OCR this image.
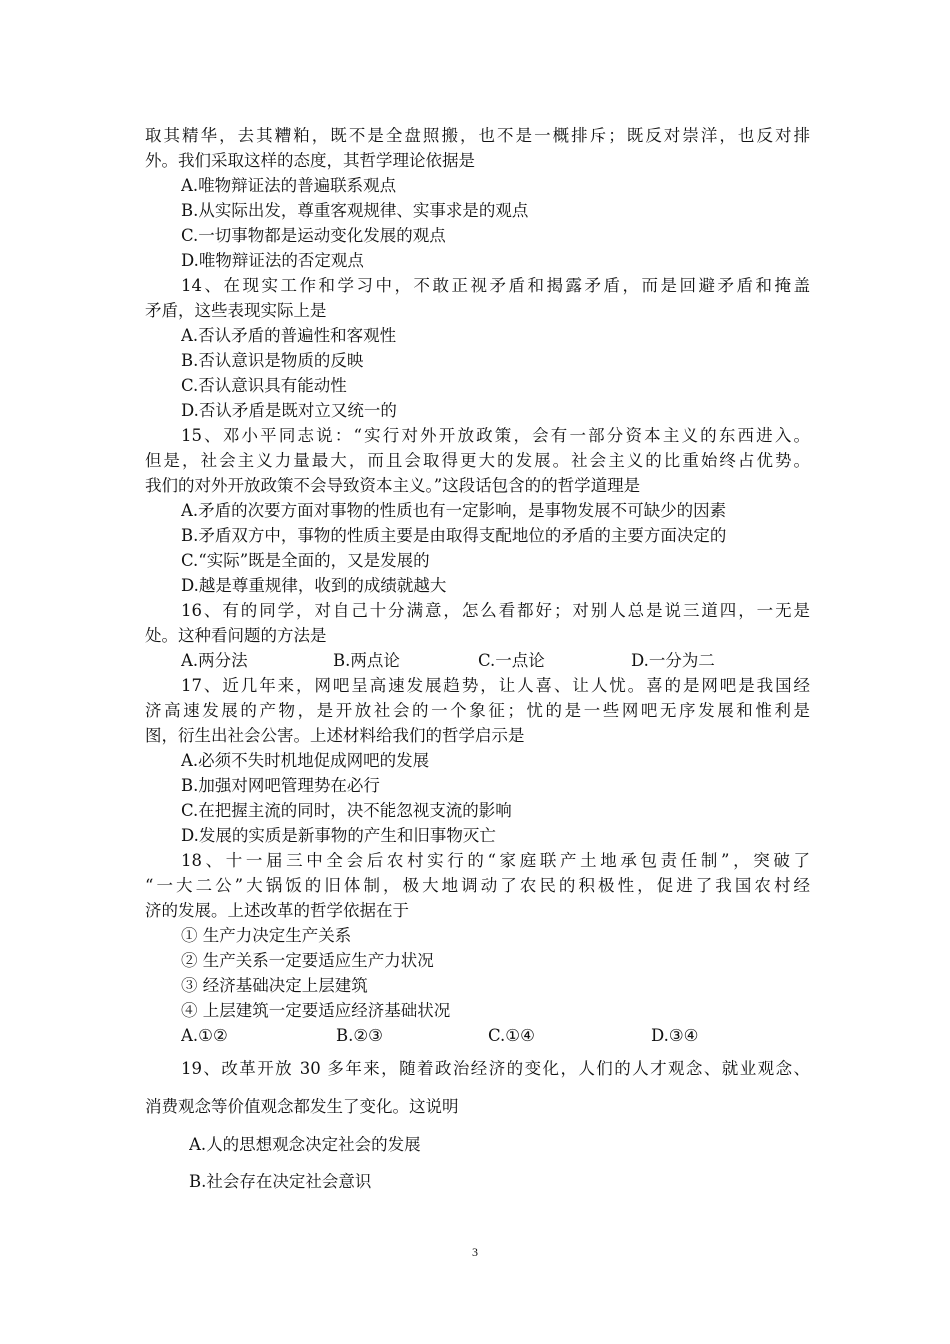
取其精华，去其糟粕，既不是全盘照搬，也不是一概排斥；既反对崇洋，也反对排
外。我们采取这样的态度，其哲学理论依据是
A.唯物辩证法的普遍联系观点
B.从实际出发，尊重客观规律、实事求是的观点
C.一切事物都是运动变化发展的观点
D.唯物辩证法的否定观点
14、在现实工作和学习中，不敢正视矛盾和揭露矛盾，而是回避矛盾和掩盖
矛盾，这些表现实际上是
A.否认矛盾的普遍性和客观性
B.否认意识是物质的反映
C.否认意识具有能动性
D.否认矛盾是既对立又统一的
15、邓小平同志说：“实行对外开放政策，会有一部分资本主义的东西进入。
但是，社会主义力量最大，而且会取得更大的发展。社会主义的比重始终占优势。
我们的对外开放政策不会导致资本主义。”这段话包含的的哲学道理是
A.矛盾的次要方面对事物的性质也有一定影响，是事物发展不可缺少的因素
B.矛盾双方中，事物的性质主要是由取得支配地位的矛盾的主要方面决定的
C.“实际”既是全面的，又是发展的
D.越是尊重规律，收到的成绩就越大
16、有的同学，对自己十分满意，怎么看都好；对别人总是说三道四，一无是
处。这种看问题的方法是
A.两分法	B.两点论	C.一点论	D.一分为二
17、近几年来，网吧呈高速发展趋势，让人喜、让人忧。喜的是网吧是我国经
济高速发展的产物，是开放社会的一个象征；忧的是一些网吧无序发展和惟利是
图，衍生出社会公害。上述材料给我们的哲学启示是
A.必须不失时机地促成网吧的发展
B.加强对网吧管理势在必行
C.在把握主流的同时，决不能忽视支流的影响
D.发展的实质是新事物的产生和旧事物灭亡
18、十一届三中全会后农村实行的“家庭联产土地承包责任制”，突破了
“一大二公”大锅饭的旧体制，极大地调动了农民的积极性，促进了我国农村经
济的发展。上述改革的哲学依据在于
① 生产力决定生产关系
② 生产关系一定要适应生产力状况
③ 经济基础决定上层建筑
④ 上层建筑一定要适应经济基础状况
A.①②	B.②③	C.①④	D.③④
19、改革开放 30 多年来，随着政治经济的变化，人们的人才观念、就业观念、
消费观念等价值观念都发生了变化。这说明
A.人的思想观念决定社会的发展
B.社会存在决定社会意识
3
